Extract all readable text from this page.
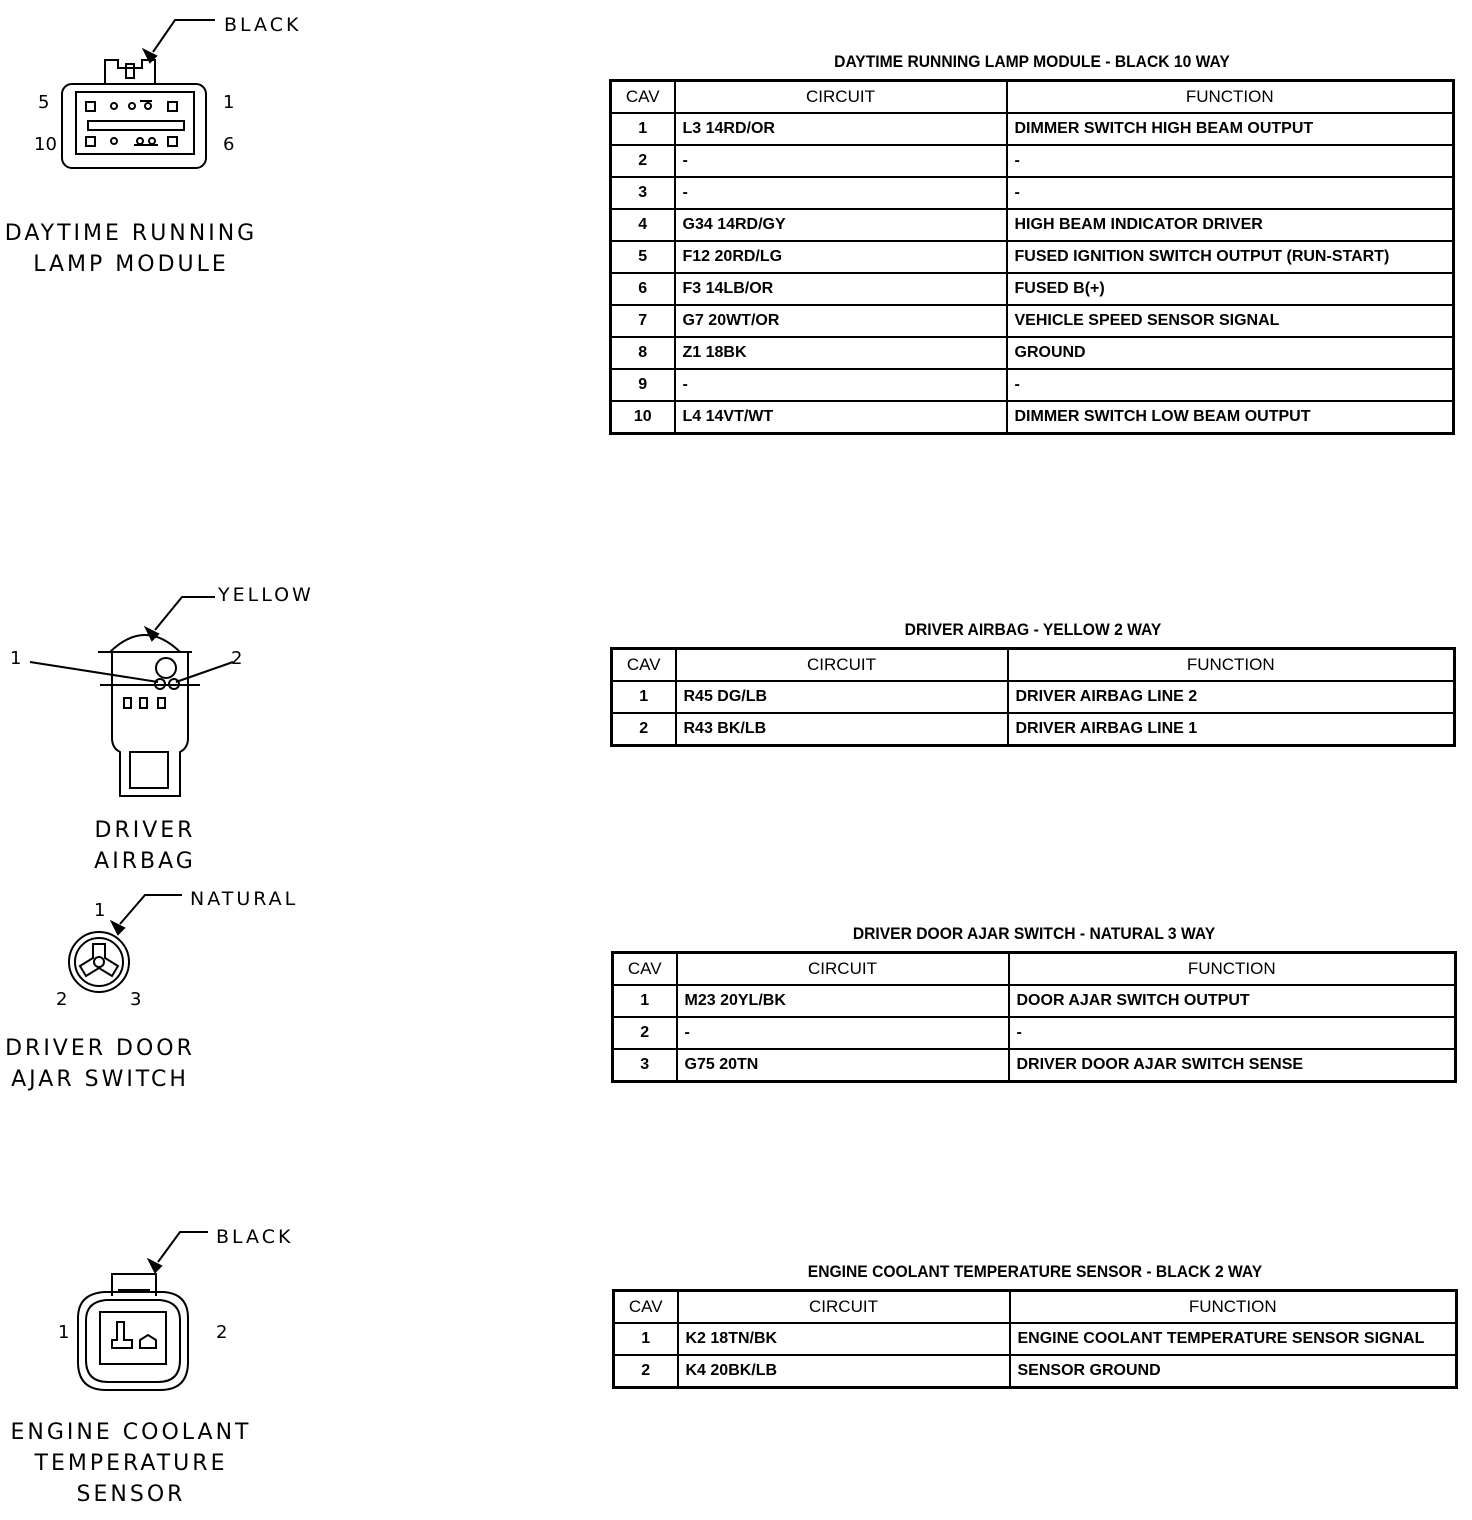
BLACK
5	1
10	6
DAYTIME RUNNING
LAMP MODULE
DAYTIME RUNNING LAMP MODULE - BLACK 10 WAY
CAV	CIRCUIT	FUNCTION
1	L3 14RD/OR	DIMMER SWITCH HIGH BEAM OUTPUT
2	-	-
3	-	-
4	G34 14RD/GY	HIGH BEAM INDICATOR DRIVER
5	F12 20RD/LG	FUSED IGNITION SWITCH OUTPUT (RUN-START)
6	F3 14LB/OR	FUSED B(+)
7	G7 20WT/OR	VEHICLE SPEED SENSOR SIGNAL
8	Z1 18BK	GROUND
9	-	-
10	L4 14VT/WT	DIMMER SWITCH LOW BEAM OUTPUT
YELLOW
1	2
DRIVER
AIRBAG
DRIVER AIRBAG - YELLOW 2 WAY
CAV	CIRCUIT	FUNCTION
1	R45 DG/LB	DRIVER AIRBAG LINE 2
2	R43 BK/LB	DRIVER AIRBAG LINE 1
NATURAL
1
2	3
DRIVER DOOR
AJAR SWITCH
DRIVER DOOR AJAR SWITCH - NATURAL 3 WAY
CAV	CIRCUIT	FUNCTION
1	M23 20YL/BK	DOOR AJAR SWITCH OUTPUT
2	-	-
3	G75 20TN	DRIVER DOOR AJAR SWITCH SENSE
BLACK
1	2
ENGINE COOLANT
TEMPERATURE
SENSOR
ENGINE COOLANT TEMPERATURE SENSOR - BLACK 2 WAY
CAV	CIRCUIT	FUNCTION
1	K2 18TN/BK	ENGINE COOLANT TEMPERATURE SENSOR SIGNAL
2	K4 20BK/LB	SENSOR GROUND
